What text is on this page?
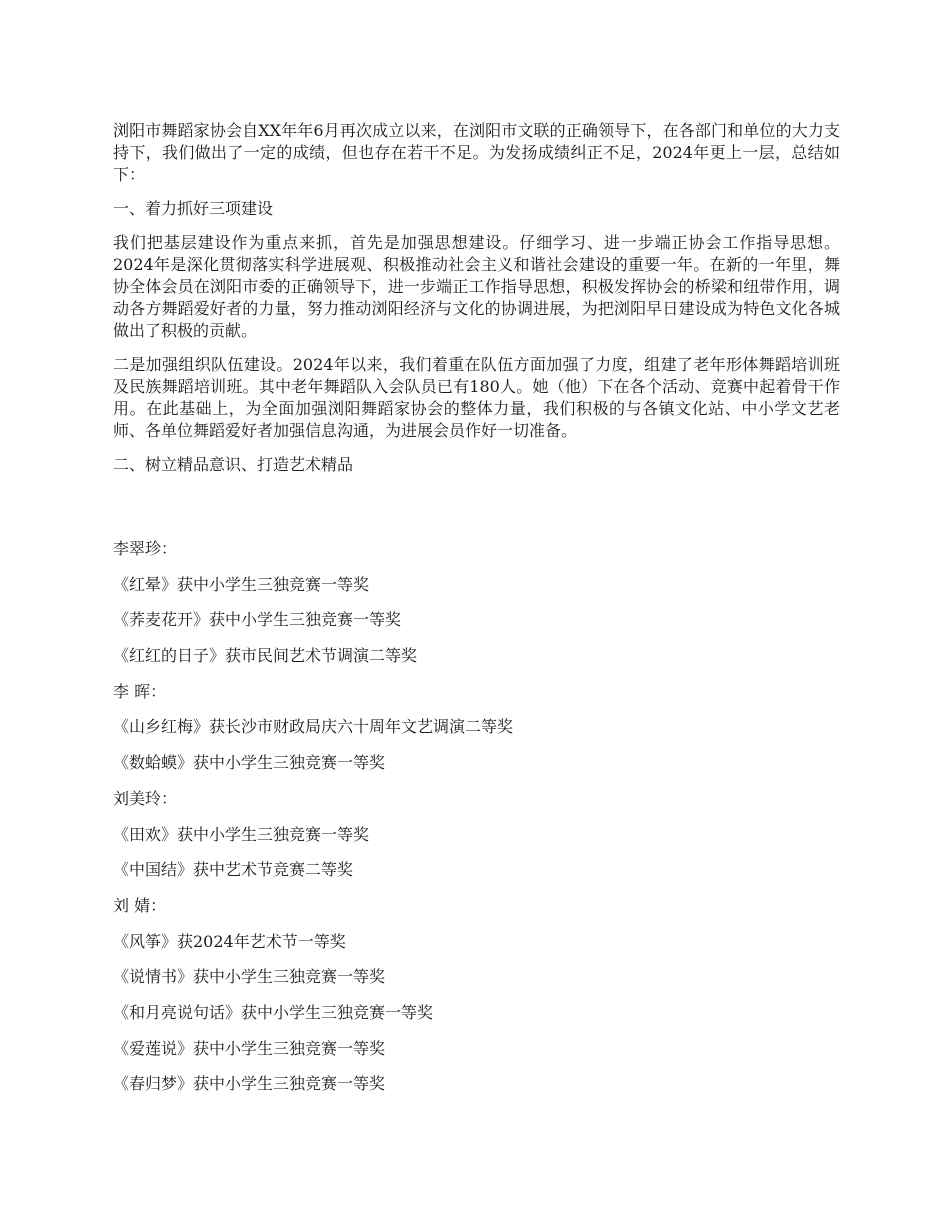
浏阳市舞蹈家协会自XX年年6月再次成立以来，在浏阳市文联的正确领导下，在各部门和单位的大力支持下，我们做出了一定的成绩，但也存在若干不足。为发扬成绩纠正不足，2024年更上一层，总结如下：

一、着力抓好三项建设

我们把基层建设作为重点来抓，首先是加强思想建设。仔细学习、进一步端正协会工作指导思想。2024年是深化贯彻落实科学进展观、积极推动社会主义和谐社会建设的重要一年。在新的一年里，舞协全体会员在浏阳市委的正确领导下，进一步端正工作指导思想，积极发挥协会的桥梁和纽带作用，调动各方舞蹈爱好者的力量，努力推动浏阳经济与文化的协调进展，为把浏阳早日建设成为特色文化各城做出了积极的贡献。

二是加强组织队伍建设。2024年以来，我们着重在队伍方面加强了力度，组建了老年形体舞蹈培训班及民族舞蹈培训班。其中老年舞蹈队入会队员已有180人。她（他）下在各个活动、竞赛中起着骨干作用。在此基础上，为全面加强浏阳舞蹈家协会的整体力量，我们积极的与各镇文化站、中小学文艺老师、各单位舞蹈爱好者加强信息沟通，为进展会员作好一切准备。

二、树立精品意识、打造艺术精品

李翠珍：

《红晕》获中小学生三独竞赛一等奖

《荞麦花开》获中小学生三独竞赛一等奖

《红红的日子》获市民间艺术节调演二等奖

李 晖：

《山乡红梅》获长沙市财政局庆六十周年文艺调演二等奖

《数蛤蟆》获中小学生三独竞赛一等奖

刘美玲：

《田欢》获中小学生三独竞赛一等奖

《中国结》获中艺术节竞赛二等奖

刘 婧：

《风筝》获2024年艺术节一等奖

《说情书》获中小学生三独竞赛一等奖

《和月亮说句话》获中小学生三独竞赛一等奖

《爱莲说》获中小学生三独竞赛一等奖

《春归梦》获中小学生三独竞赛一等奖
